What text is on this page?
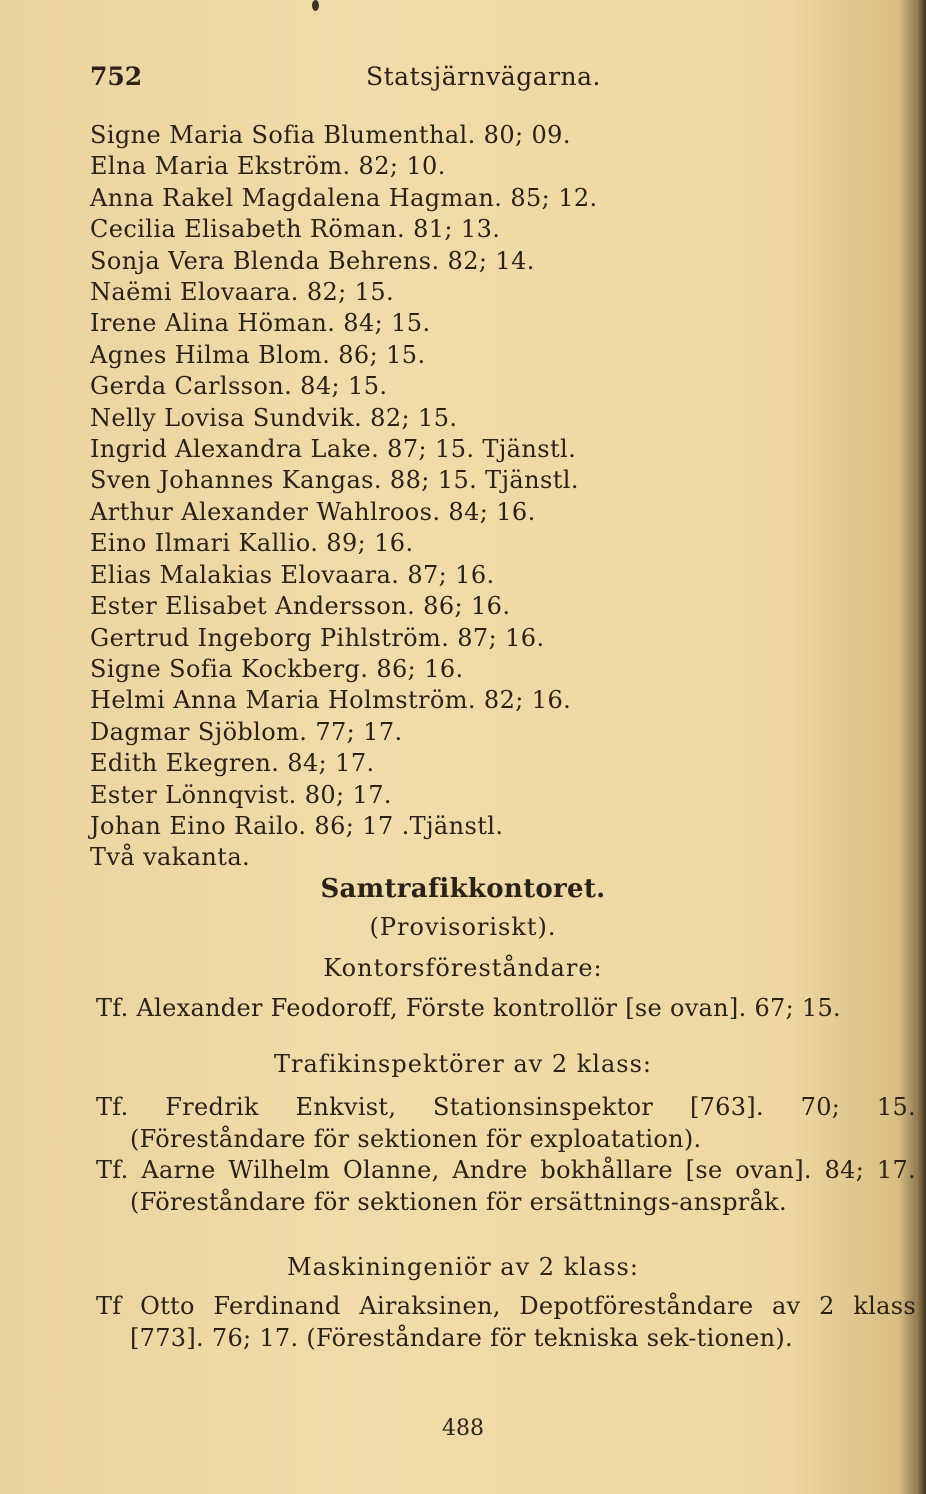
752	Statsjärnvägarna.
Signe Maria Sofia Blumenthal. 80; 09.
Elna Maria Ekström. 82; 10.
Anna Rakel Magdalena Hagman. 85; 12.
Cecilia Elisabeth Röman. 81; 13.
Sonja Vera Blenda Behrens. 82; 14.
Naëmi Elovaara. 82; 15.
Irene Alina Höman. 84; 15.
Agnes Hilma Blom. 86; 15.
Gerda Carlsson. 84; 15.
Nelly Lovisa Sundvik. 82; 15.
Ingrid Alexandra Lake. 87; 15. Tjänstl.
Sven Johannes Kangas. 88; 15. Tjänstl.
Arthur Alexander Wahlroos. 84; 16.
Eino Ilmari Kallio. 89; 16.
Elias Malakias Elovaara. 87; 16.
Ester Elisabet Andersson. 86; 16.
Gertrud Ingeborg Pihlström. 87; 16.
Signe Sofia Kockberg. 86; 16.
Helmi Anna Maria Holmström. 82; 16.
Dagmar Sjöblom. 77; 17.
Edith Ekegren. 84; 17.
Ester Lönnqvist. 80; 17.
Johan Eino Railo. 86; 17 .Tjänstl.
Två vakanta.
Samtrafikkontoret.
(Provisoriskt).
Kontorsföreståndare:

Tf. Alexander Feodoroff, Förste kontrollör [se ovan]. 67; 15.

Trafikinspektörer av 2 klass:

Tf. Fredrik Enkvist, Stationsinspektor [763]. 70; 15. (Föreståndare för sektionen för exploatation).

Tf. Aarne Wilhelm Olanne, Andre bokhållare [se ovan]. 84; 17. (Föreståndare för sektionen för ersättnings-anspråk.

Maskiningeniör av 2 klass:

Tf Otto Ferdinand Airaksinen, Depotföreståndare av 2 klass [773]. 76; 17. (Föreståndare för tekniska sek-tionen).

488
